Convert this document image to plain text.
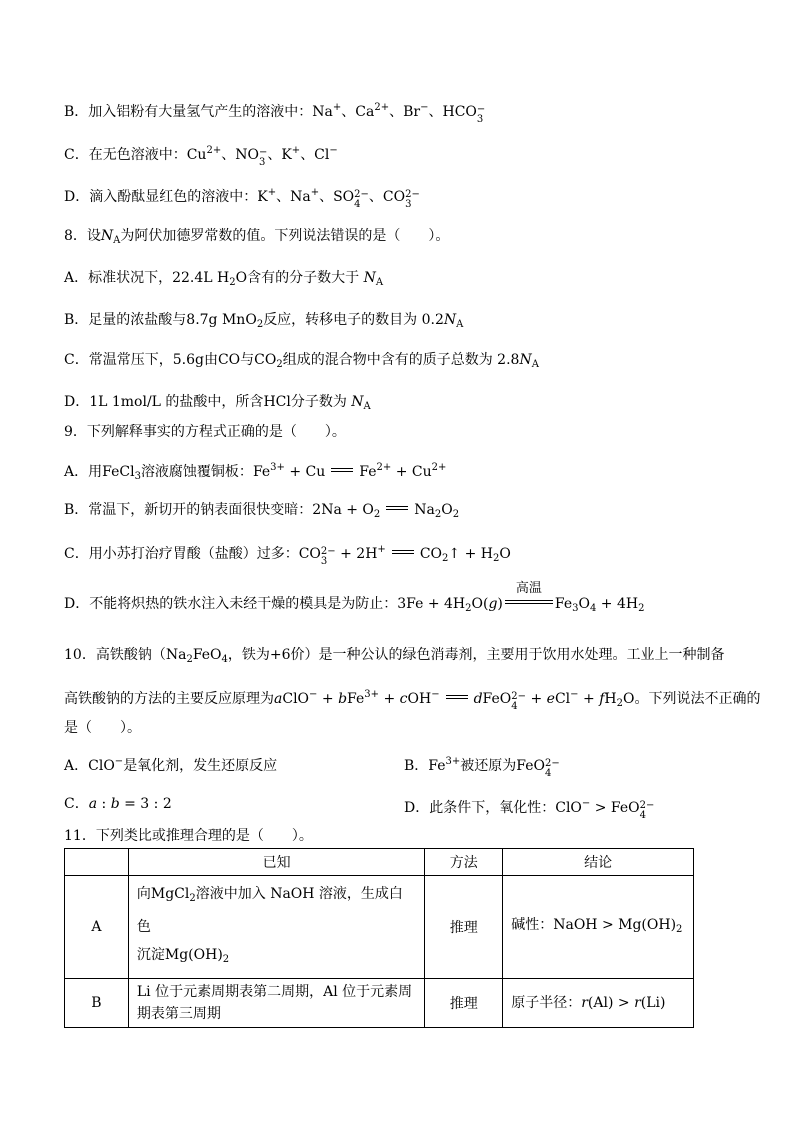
B．加入铝粉有大量氢气产生的溶液中：Na+、$Ca^{2+}$、Br−、HCO −
3
C．在无色溶液中：$Cu^{2+}$、NO −
3 、K+、Cl−
D．滴入酚酞显红色的溶液中：K+、Na+、SO 2−
4 、CO 2−
3
8．设$N_A$为阿伏加德罗常数的值。下列说法错误的是（　　）。
A．标准状况下，22.4L $H_2O$含有的分子数大于 $N_A$
B．足量的浓盐酸与8.7g MnO$_2$反应，转移电子的数目为 $0.2N_A$
C．常温常压下，5.6g由CO与$CO_2$组成的混合物中含有的质子总数为 $2.8N_A$
D．1L 1mol/L 的盐酸中，所含HCl分子数为 $N_A$
9．下列解释事实的方程式正确的是（　　）。
A．用FeCl$_3$溶液腐蚀覆铜板：$Fe^{3+} + Cu$ $Fe^{2+} + Cu^{2+}$
B．常温下，新切开的钠表面很快变暗：$2Na + O_2$ $Na_2O_2$
C．用小苏打治疗胃酸（盐酸）过多：CO 2−
3 + 2H+ $CO_2↑ + H_2O$
D．不能将炽热的铁水注入未经干燥的模具是为防止：$3Fe + 4H_2O(g)$
高温
$Fe_3O_4 + 4H_2$
10．高铁酸钠（$Na_2FeO_4$，铁为+6价）是一种公认的绿色消毒剂，主要用于饮用水处理。工业上一种制备
高铁酸钠的方法的主要反应原理为aClO− + bFe$^{3+}$ + cOH− dFeO 2−
$4 + eCl^- + fH_2O$。下列说法不正确的
是（　　）。
A．ClO−是氧化剂，发生还原反应	B．$Fe^{3+}$被还原为FeO 2−
4
C．a : b = 3 : 2	D．此条件下，氧化性：ClO− > FeO 2−
4
11．下列类比或推理合理的是（　　）。
	已知	方法	结论
A	向MgCl$_2$溶液中加入 NaOH 溶液，生成白色
沉淀$Mg(OH)_2$	推理	碱性：NaOH > $Mg(OH)_2$
B	Li 位于元素周期表第二周期，Al 位于元素周
期表第三周期	推理	原子半径：r(Al) > r(Li)
